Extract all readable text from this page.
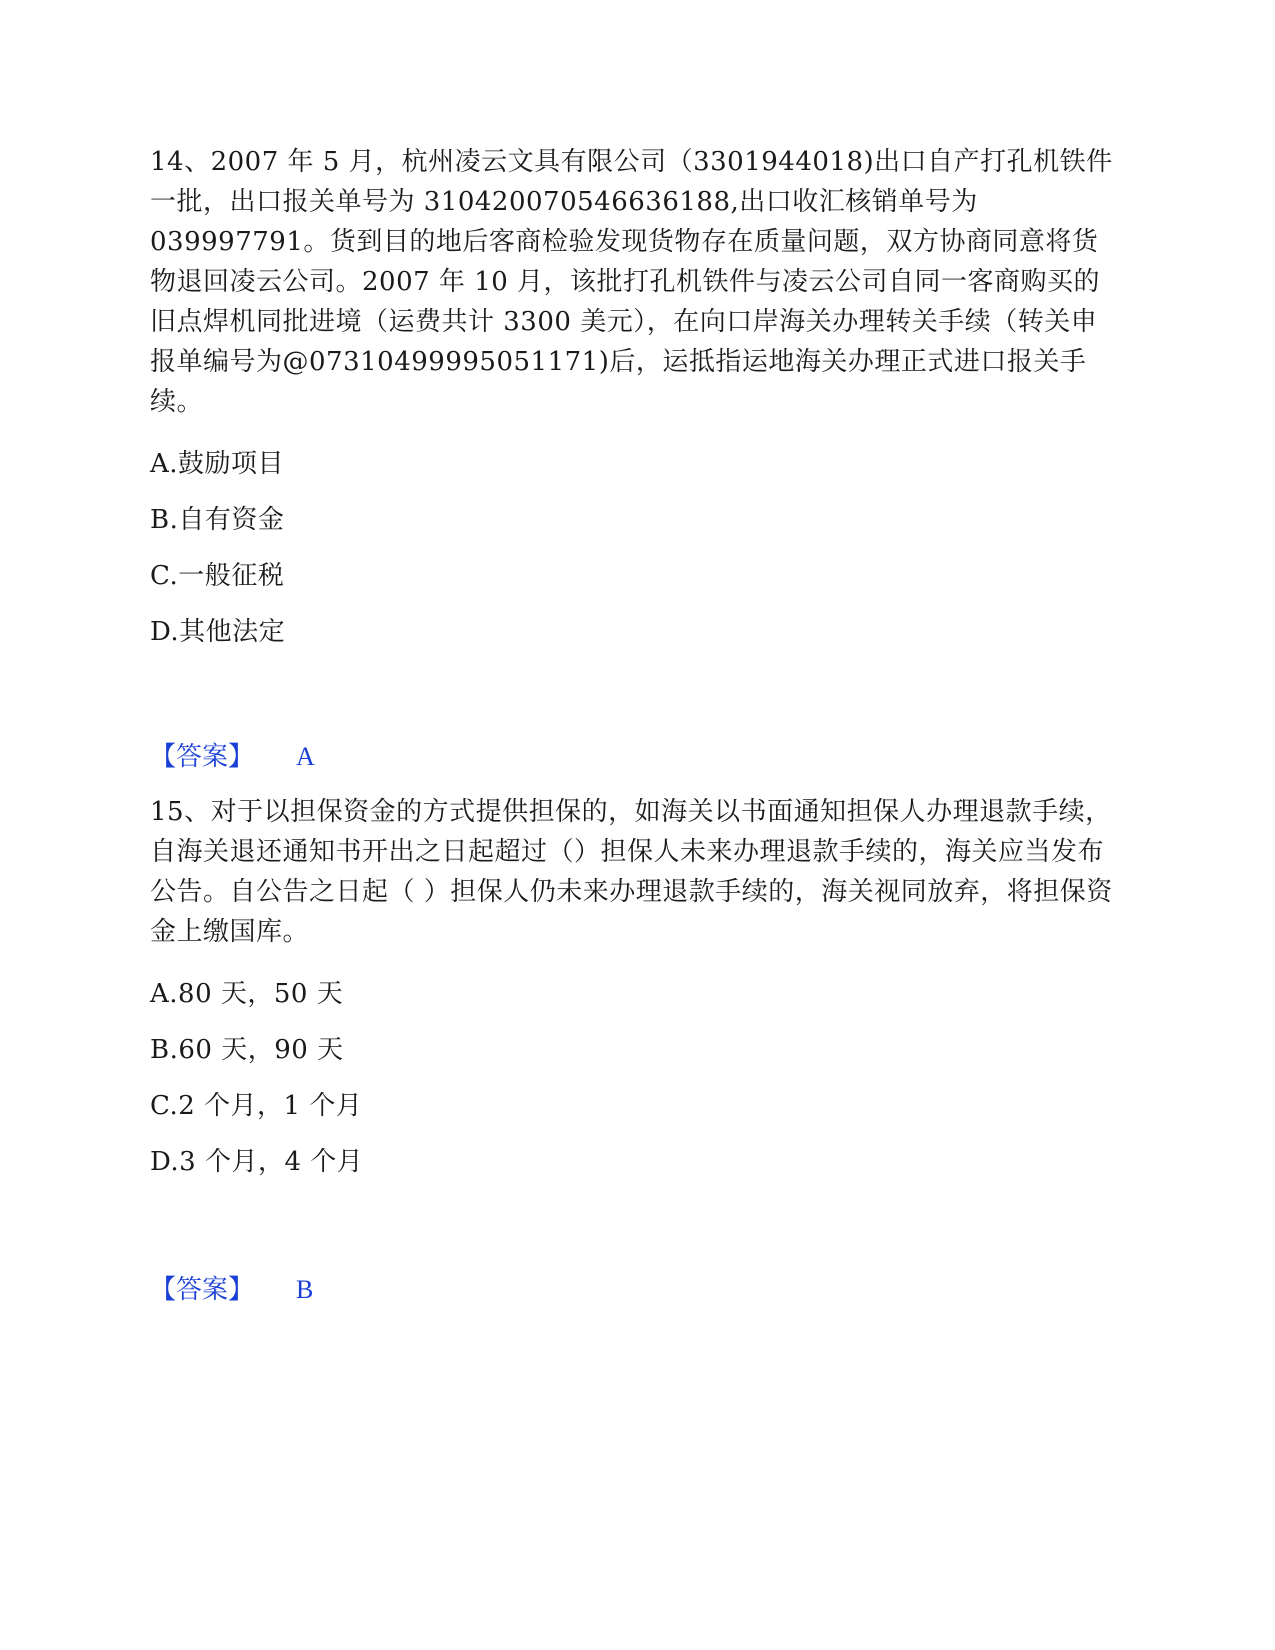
14、2007 年 5 月，杭州凌云文具有限公司（3301944018)出口自产打孔机铁件一批，出口报关单号为 310420070546636188,出口收汇核销单号为039997791。货到目的地后客商检验发现货物存在质量问题，双方协商同意将货物退回凌云公司。2007 年 10 月，该批打孔机铁件与凌云公司自同一客商购买的旧点焊机同批进境（运费共计 3300 美元），在向口岸海关办理转关手续（转关申报单编号为@07310499995051171)后，运抵指运地海关办理正式进口报关手续。

A.鼓励项目

B.自有资金

C.一般征税

D.其他法定

【答案】 A

15、对于以担保资金的方式提供担保的，如海关以书面通知担保人办理退款手续，自海关退还通知书开出之日起超过（）担保人未来办理退款手续的，海关应当发布公告。自公告之日起（ ）担保人仍未来办理退款手续的，海关视同放弃，将担保资金上缴国库。

A.80 天，50 天

B.60 天，90 天

C.2 个月，1 个月

D.3 个月，4 个月

【答案】 B
